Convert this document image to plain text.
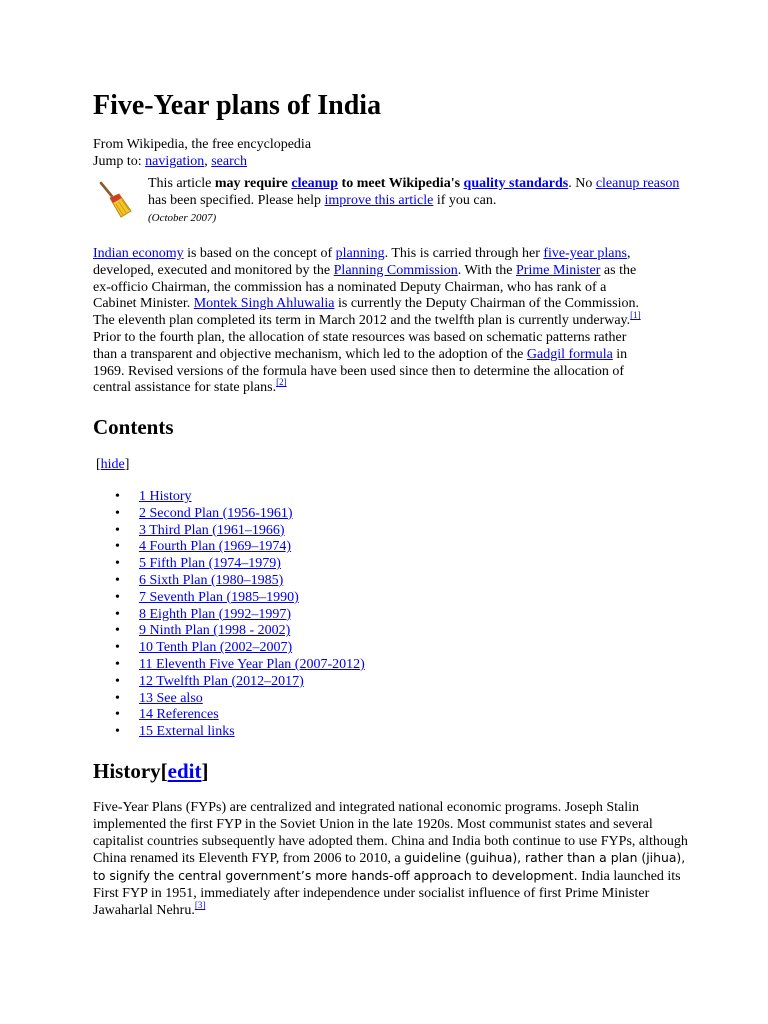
Five-Year plans of India
From Wikipedia, the free encyclopedia
Jump to: navigation, search
This article may require cleanup to meet Wikipedia's quality standards. No cleanup reason has been specified. Please help improve this article if you can.
(October 2007)

Indian economy is based on the concept of planning. This is carried through her five-year plans, developed, executed and monitored by the Planning Commission. With the Prime Minister as the ex-officio Chairman, the commission has a nominated Deputy Chairman, who has rank of a Cabinet Minister. Montek Singh Ahluwalia is currently the Deputy Chairman of the Commission. The eleventh plan completed its term in March 2012 and the twelfth plan is currently underway.[1] Prior to the fourth plan, the allocation of state resources was based on schematic patterns rather than a transparent and objective mechanism, which led to the adoption of the Gadgil formula in 1969. Revised versions of the formula have been used since then to determine the allocation of central assistance for state plans.[2]

Contents
[hide]
• 1 History
• 2 Second Plan (1956-1961)
• 3 Third Plan (1961–1966)
• 4 Fourth Plan (1969–1974)
• 5 Fifth Plan (1974–1979)
• 6 Sixth Plan (1980–1985)
• 7 Seventh Plan (1985–1990)
• 8 Eighth Plan (1992–1997)
• 9 Ninth Plan (1998 - 2002)
• 10 Tenth Plan (2002–2007)
• 11 Eleventh Five Year Plan (2007-2012)
• 12 Twelfth Plan (2012–2017)
• 13 See also
• 14 References
• 15 External links
History[edit]

Five-Year Plans (FYPs) are centralized and integrated national economic programs. Joseph Stalin implemented the first FYP in the Soviet Union in the late 1920s. Most communist states and several capitalist countries subsequently have adopted them. China and India both continue to use FYPs, although China renamed its Eleventh FYP, from 2006 to 2010, a guideline (guihua), rather than a plan (jihua), to signify the central government’s more hands-off approach to development. India launched its First FYP in 1951, immediately after independence under socialist influence of first Prime Minister Jawaharlal Nehru.[3]
